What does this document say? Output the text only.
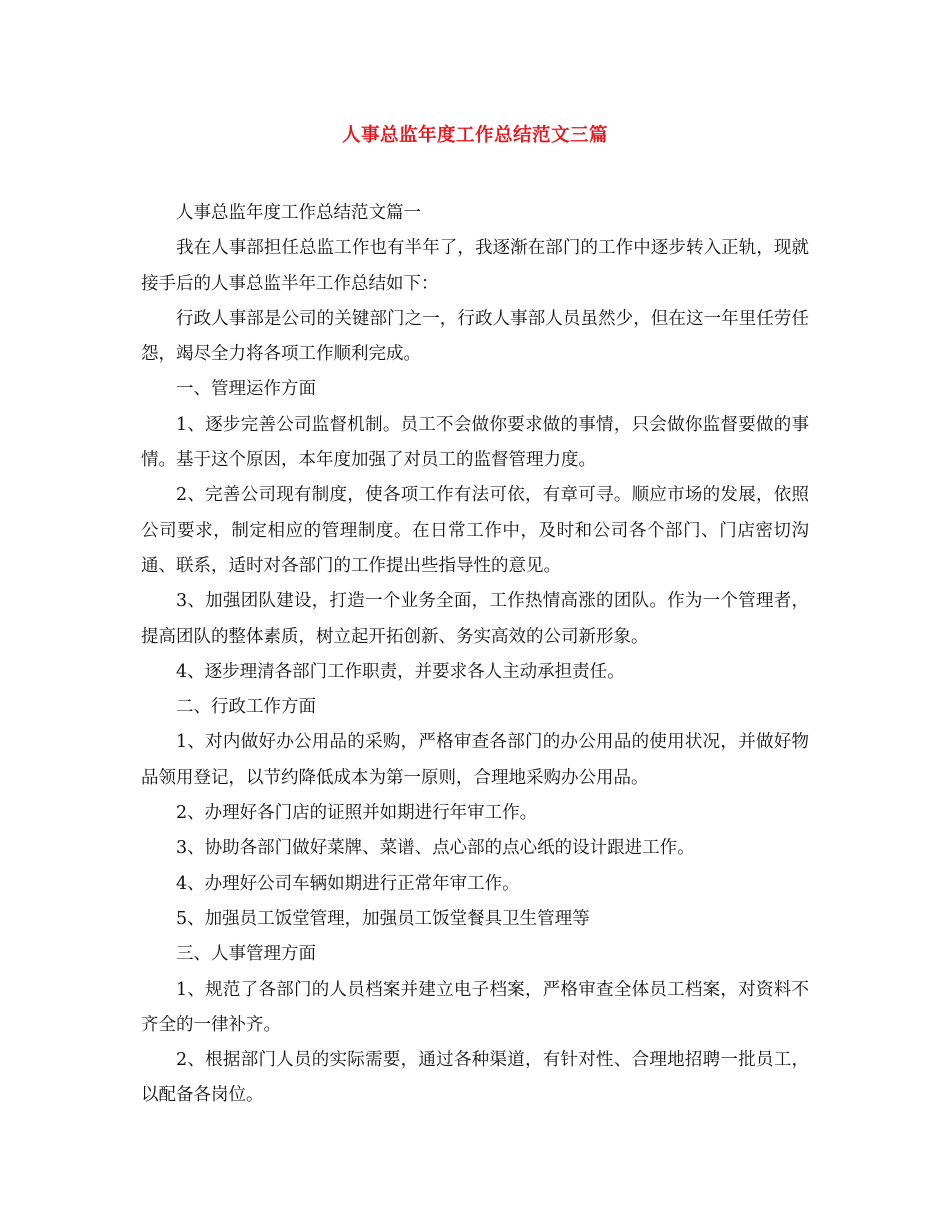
人事总监年度工作总结范文三篇

人事总监年度工作总结范文篇一

我在人事部担任总监工作也有半年了，我逐渐在部门的工作中逐步转入正轨，现就接手后的人事总监半年工作总结如下：

行政人事部是公司的关键部门之一，行政人事部人员虽然少，但在这一年里任劳任怨，竭尽全力将各项工作顺利完成。

一、管理运作方面

1、逐步完善公司监督机制。员工不会做你要求做的事情，只会做你监督要做的事情。基于这个原因，本年度加强了对员工的监督管理力度。

2、完善公司现有制度，使各项工作有法可依，有章可寻。顺应市场的发展，依照公司要求，制定相应的管理制度。在日常工作中，及时和公司各个部门、门店密切沟通、联系，适时对各部门的工作提出些指导性的意见。

3、加强团队建设，打造一个业务全面，工作热情高涨的团队。作为一个管理者，提高团队的整体素质，树立起开拓创新、务实高效的公司新形象。

4、逐步理清各部门工作职责，并要求各人主动承担责任。

二、行政工作方面

1、对内做好办公用品的采购，严格审查各部门的办公用品的使用状况，并做好物品领用登记，以节约降低成本为第一原则，合理地采购办公用品。

2、办理好各门店的证照并如期进行年审工作。

3、协助各部门做好菜牌、菜谱、点心部的点心纸的设计跟进工作。

4、办理好公司车辆如期进行正常年审工作。

5、加强员工饭堂管理，加强员工饭堂餐具卫生管理等

三、人事管理方面

1、规范了各部门的人员档案并建立电子档案，严格审查全体员工档案，对资料不齐全的一律补齐。

2、根据部门人员的实际需要，通过各种渠道，有针对性、合理地招聘一批员工，以配备各岗位。
